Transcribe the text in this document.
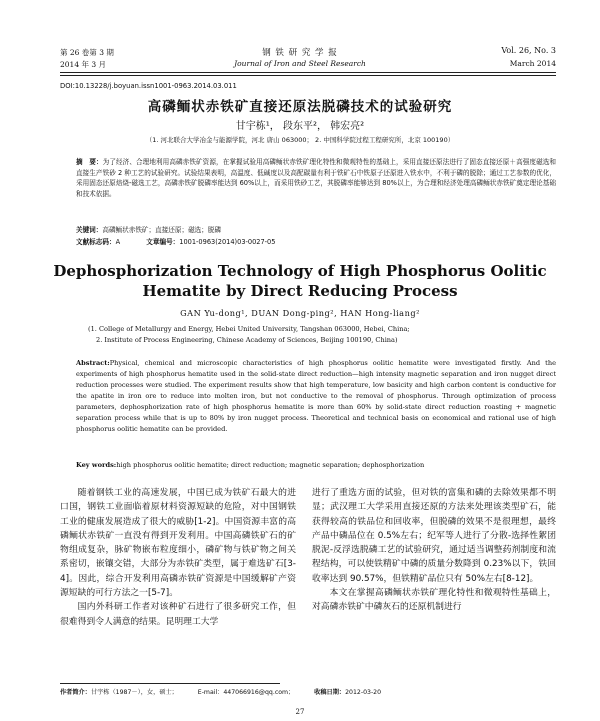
第 26 卷第 3 期
2014 年 3 月
钢 铁 研 究 学 报
Journal of Iron and Steel Research
Vol. 26, No. 3
March 2014
DOI:10.13228/j.boyuan.issn1001-0963.2014.03.011
高磷鲕状赤铁矿直接还原法脱磷技术的试验研究
甘宇栋¹， 段东平²， 韩宏亮²
（1. 河北联合大学冶金与能源学院，河北 唐山 063000； 2. 中国科学院过程工程研究所，北京 100190）
摘　要：为了经济、合理地利用高磷赤铁矿资源，在掌握试验用高磷鲕状赤铁矿理化特性和微观特性的基础上，采用直接还原法进行了固态直接还原＋高强度磁选和直接生产铁砂 2 种工艺的试验研究。试验结果表明，高温度、低碱度以及高配碳量有利于铁矿石中铁原子还原进入铁水中，不利于磷的脱除；通过工艺参数的优化，采用固态还原焙烧-磁选工艺，高磷赤铁矿脱磷率能达到 60%以上，而采用铁砂工艺，其脱磷率能够达到 80%以上，为合理和经济处理高磷鲕状赤铁矿奠定理论基础和技术依据。
关键词：高磷鲕状赤铁矿；直接还原；磁选；脱磷
文献标志码：A	文章编号：1001-0963(2014)03-0027-05
Dephosphorization Technology of High Phosphorus Oolitic
Hematite by Direct Reducing Process
GAN Yu-dong¹, DUAN Dong-ping², HAN Hong-liang²
(1. College of Metallurgy and Energy, Hebei United University, Tangshan 063000, Hebei, China;
2. Institute of Process Engineering, Chinese Academy of Sciences, Beijing 100190, China)
Abstract:Physical, chemical and microscopic characteristics of high phosphorus oolitic hematite were investigated firstly. And the experiments of high phosphorus hematite used in the solid-state direct reduction—high intensity magnetic separation and iron nugget direct reduction processes were studied. The experiment results show that high temperature, low basicity and high carbon content is conductive for the apatite in iron ore to reduce into molten iron, but not conductive to the removal of phosphorus. Through optimization of process parameters, dephosphorization rate of high phosphorus hematite is more than 60% by solid-state direct reduction roasting + magnetic separation process while that is up to 80% by iron nugget process. Theoretical and technical basis on economical and rational use of high phosphorus oolitic hematite can be provided.
Key words:high phosphorus oolitic hematite; direct reduction; magnetic separation; dephosphorization
随着钢铁工业的高速发展，中国已成为铁矿石最大的进口国，钢铁工业面临着原材料资源短缺的危险，对中国钢铁工业的健康发展造成了很大的威胁[1-2]。中国资源丰富的高磷鲕状赤铁矿一直没有得到开发利用。中国高磷铁矿石的矿物组成复杂，脉矿物嵌布粒度细小，磷矿物与铁矿物之间关系密切，嵌镶交错，大部分为赤铁矿类型，属于难选矿石[3-4]。因此，综合开发利用高磷赤铁矿资源是中国缓解矿产资源短缺的可行方法之一[5-7]。
国内外科研工作者对该种矿石进行了很多研究工作，但很难得到令人满意的结果。昆明理工大学
进行了重选方面的试验，但对铁的富集和磷的去除效果都不明显；武汉理工大学采用直接还原的方法来处理该类型矿石，能获得较高的铁品位和回收率，但脱磷的效果不是很理想，最终产品中磷品位在 0.5%左右；纪军等人进行了分散-选择性絮团脱泥-反浮选脱磷工艺的试验研究，通过适当调整药剂制度和流程结构，可以使铁精矿中磷的质量分数降到 0.23%以下，铁回收率达到 90.57%，但铁精矿品位只有 50%左右[8-12]。
本文在掌握高磷鲕状赤铁矿理化特性和微观特性基础上，对高磷赤铁矿中磷灰石的还原机制进行
作者简介：甘宇栋（1987－），女，硕士；	E-mail：447066916@qq.com；	收稿日期：2012-03-20
27
